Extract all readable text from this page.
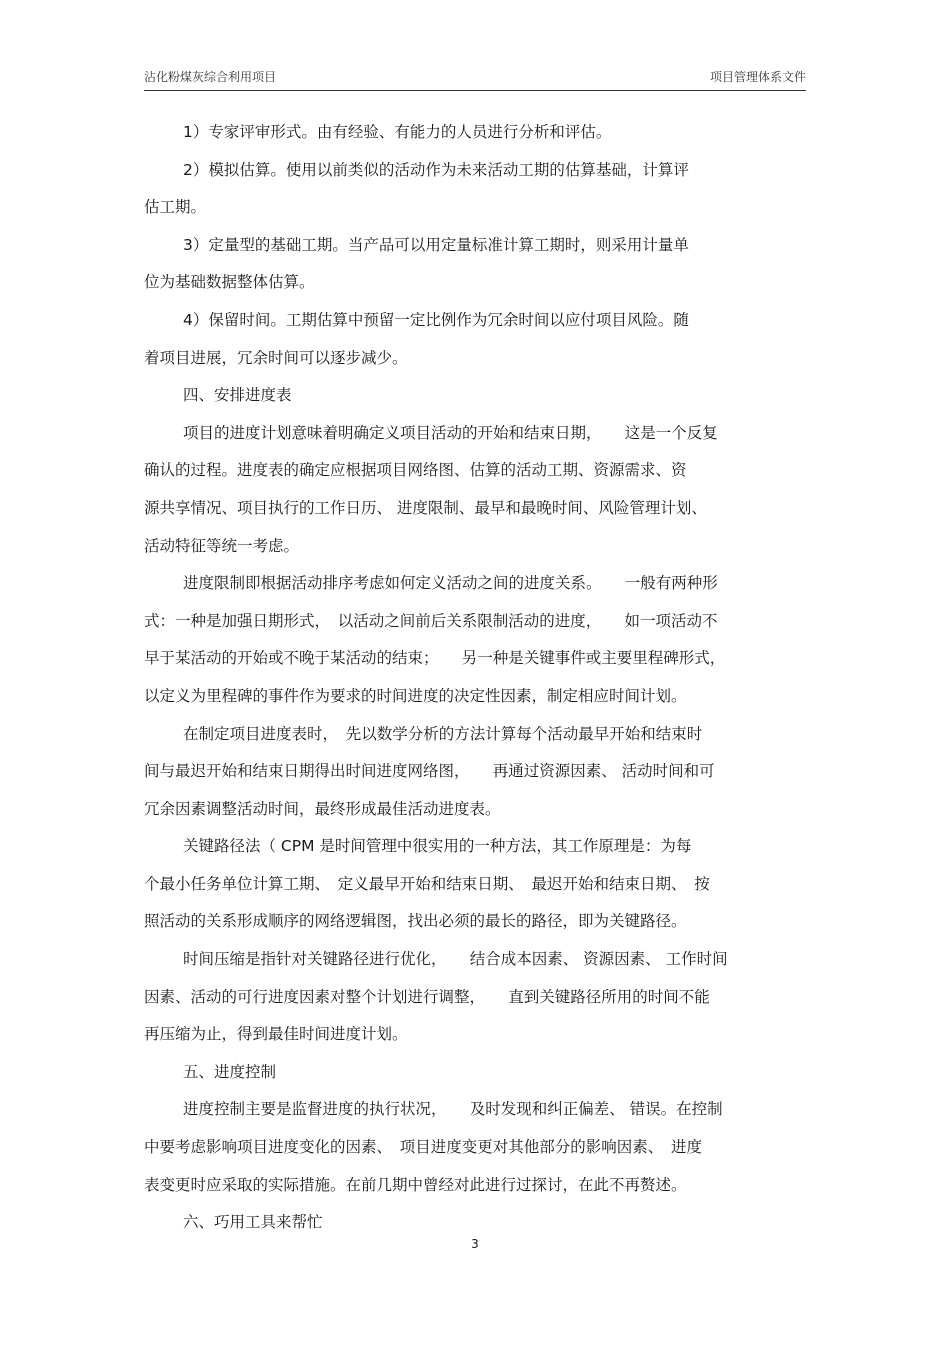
沾化粉煤灰综合利用项目	项目管理体系文件
1）专家评审形式。由有经验、有能力的人员进行分析和评估。
2）模拟估算。使用以前类似的活动作为未来活动工期的估算基础，计算评
估工期。
3）定量型的基础工期。当产品可以用定量标准计算工期时，则采用计量单
位为基础数据整体估算。
4）保留时间。工期估算中预留一定比例作为冗余时间以应付项目风险。随
着项目进展，冗余时间可以逐步减少。
四、安排进度表
项目的进度计划意味着明确定义项目活动的开始和结束日期，　　这是一个反复
确认的过程。进度表的确定应根据项目网络图、估算的活动工期、资源需求、资
源共享情况、项目执行的工作日历、 进度限制、最早和最晚时间、风险管理计划、
活动特征等统一考虑。
进度限制即根据活动排序考虑如何定义活动之间的进度关系。　　一般有两种形
式：一种是加强日期形式，　以活动之间前后关系限制活动的进度，　　如一项活动不
早于某活动的开始或不晚于某活动的结束；　　另一种是关键事件或主要里程碑形式，
以定义为里程碑的事件作为要求的时间进度的决定性因素，制定相应时间计划。
在制定项目进度表时，　先以数学分析的方法计算每个活动最早开始和结束时
间与最迟开始和结束日期得出时间进度网络图，　　再通过资源因素、 活动时间和可
冗余因素调整活动时间，最终形成最佳活动进度表。
关键路径法（ CPM 是时间管理中很实用的一种方法，其工作原理是：为每
个最小任务单位计算工期、　定义最早开始和结束日期、　最迟开始和结束日期、　按
照活动的关系形成顺序的网络逻辑图，找出必须的最长的路径，即为关键路径。
时间压缩是指针对关键路径进行优化，　　结合成本因素、 资源因素、 工作时间
因素、活动的可行进度因素对整个计划进行调整，　　直到关键路径所用的时间不能
再压缩为止，得到最佳时间进度计划。
五、进度控制
进度控制主要是监督进度的执行状况，　　及时发现和纠正偏差、 错误。在控制
中要考虑影响项目进度变化的因素、　项目进度变更对其他部分的影响因素、　进度
表变更时应采取的实际措施。在前几期中曾经对此进行过探讨，在此不再赘述。
六、巧用工具来帮忙
3
